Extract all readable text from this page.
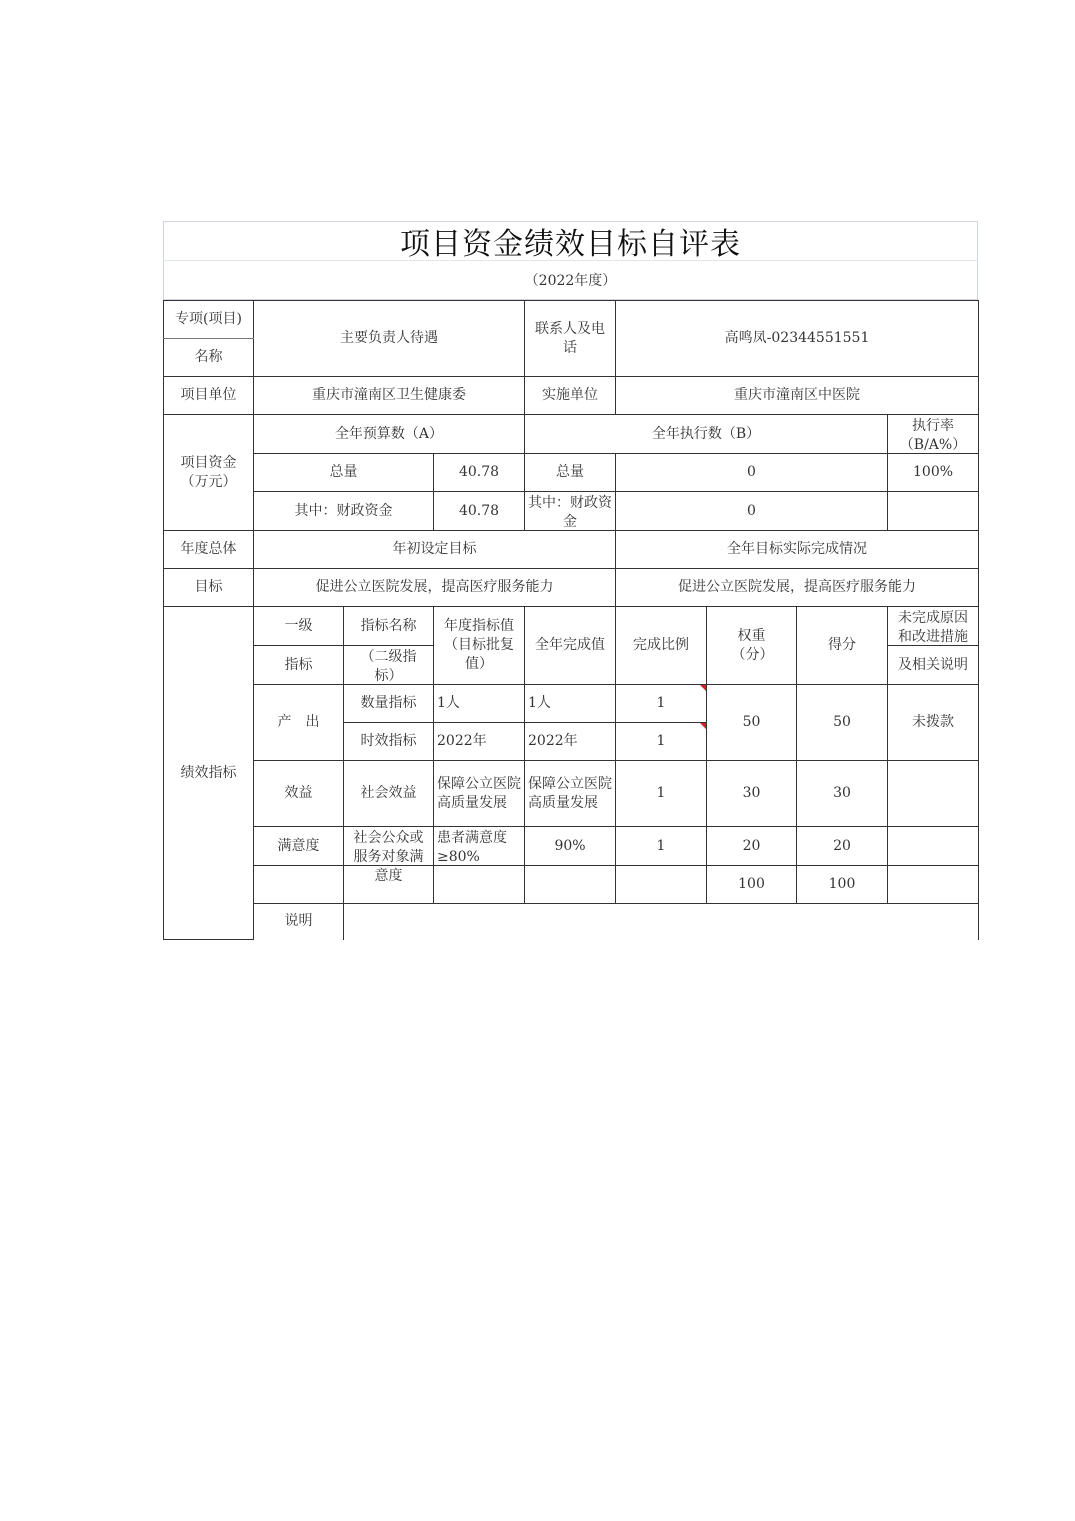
项目资金绩效目标自评表
（2022年度）
专项(项目)	主要负责人待遇			联系人及电话	高鸣凤-02344551551			
名称								
项目单位	重庆市潼南区卫生健康委			实施单位	重庆市潼南区中医院			

项目资金（万元）	全年预算数（A）			全年执行数（B）				执行率（B/A%）

	总量		40.78	总量	0			100%
	其中：财政资金		40.78	其中：财政资金	0			
年度总体	年初设定目标				全年目标实际完成情况			
目标	促进公立医院发展，提高医疗服务能力				促进公立医院发展，提高医疗服务能力			
绩效指标	一级	指标名称	年度指标值（目标批复值）	全年完成值	完成比例	权重（分）	得分	未完成原因和改进措施

	指标	（二级指标）						及相关说明
	产　出	数量指标	1人	1人	1	50	50	未拨款
		时效指标	2022年	2022年	1			
	效益	社会效益	保障公立医院高质量发展	保障公立医院高质量发展	1	30	30	
	满意度	社会公众或服务对象满意度	患者满意度≥80%	90%	1	20	20	
						100	100	
	说明							
